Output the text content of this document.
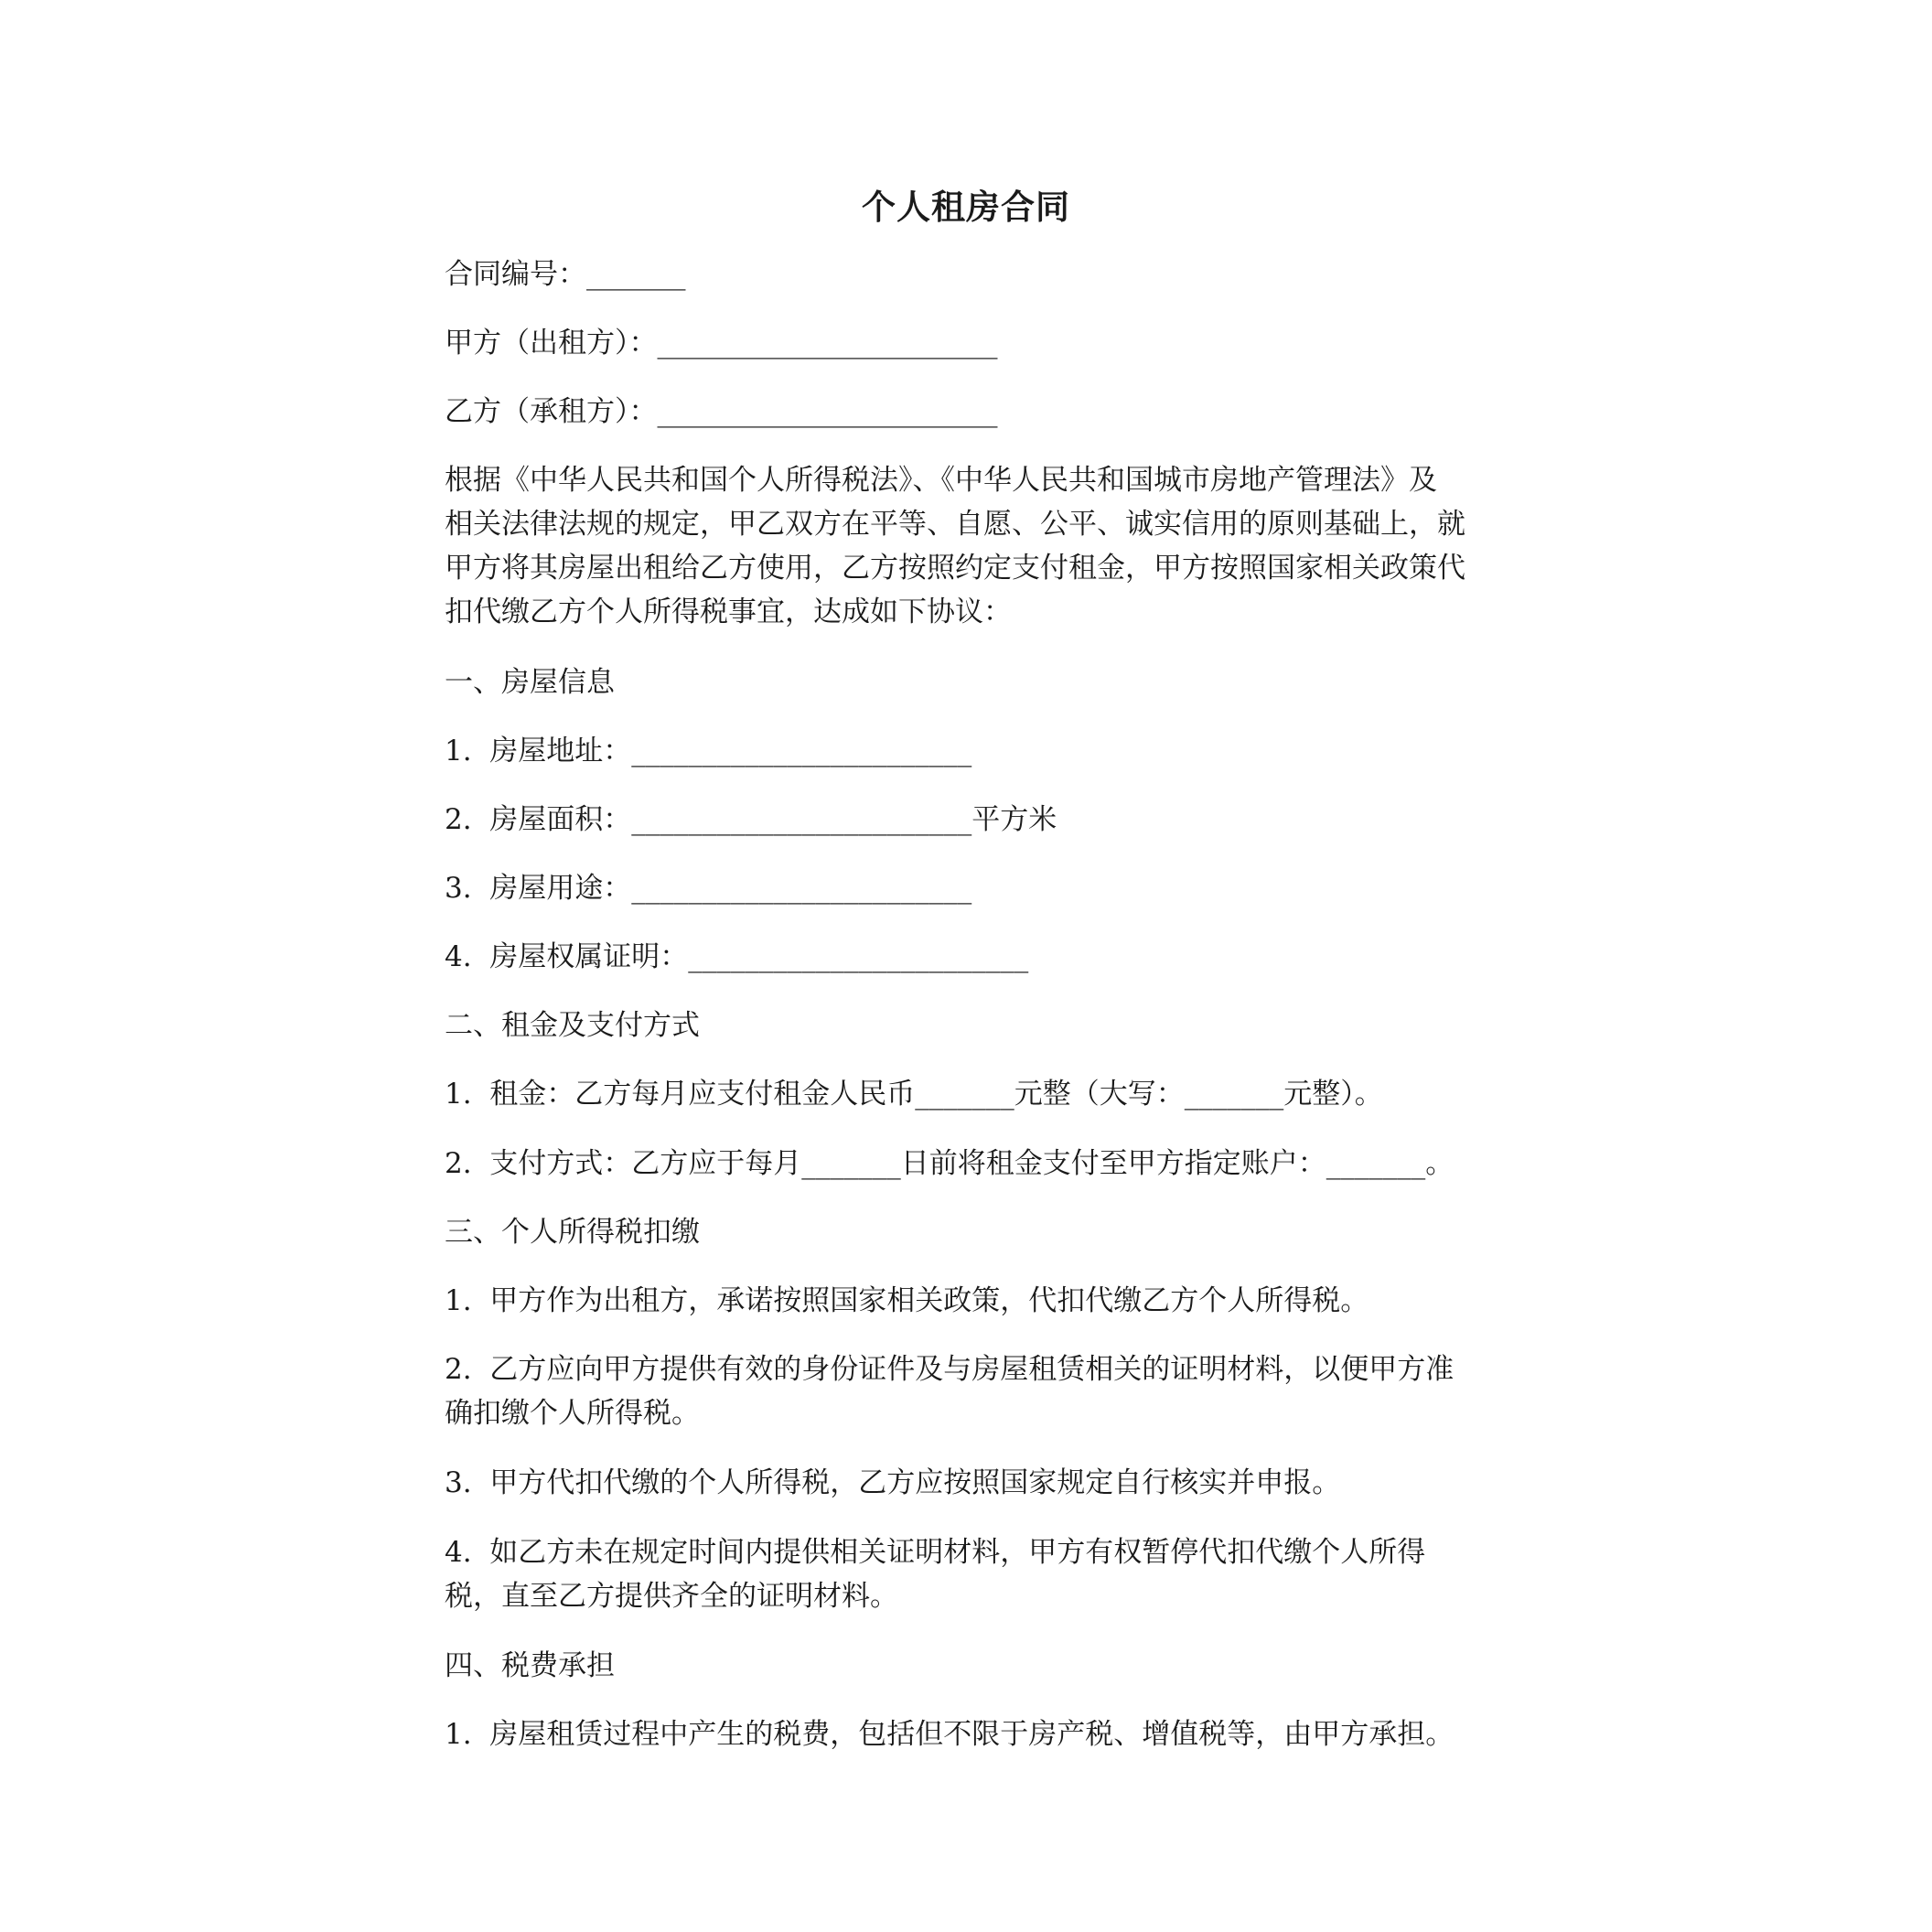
个人租房合同
合同编号：_______
甲方（出租方）：________________________
乙方（承租方）：________________________
根据《中华人民共和国个人所得税法》、《中华人民共和国城市房地产管理法》及
相关法律法规的规定，甲乙双方在平等、自愿、公平、诚实信用的原则基础上，就
甲方将其房屋出租给乙方使用，乙方按照约定支付租金，甲方按照国家相关政策代
扣代缴乙方个人所得税事宜，达成如下协议：
一、房屋信息
1.  房屋地址：________________________
2.  房屋面积：________________________平方米
3.  房屋用途：________________________
4.  房屋权属证明：________________________
二、租金及支付方式
1.  租金：乙方每月应支付租金人民币_______元整（大写：_______元整）。
2.  支付方式：乙方应于每月_______日前将租金支付至甲方指定账户：_______。
三、个人所得税扣缴
1.  甲方作为出租方，承诺按照国家相关政策，代扣代缴乙方个人所得税。
2.  乙方应向甲方提供有效的身份证件及与房屋租赁相关的证明材料，以便甲方准
确扣缴个人所得税。
3.  甲方代扣代缴的个人所得税，乙方应按照国家规定自行核实并申报。
4.  如乙方未在规定时间内提供相关证明材料，甲方有权暂停代扣代缴个人所得
税，直至乙方提供齐全的证明材料。
四、税费承担
1.  房屋租赁过程中产生的税费，包括但不限于房产税、增值税等，由甲方承担。
